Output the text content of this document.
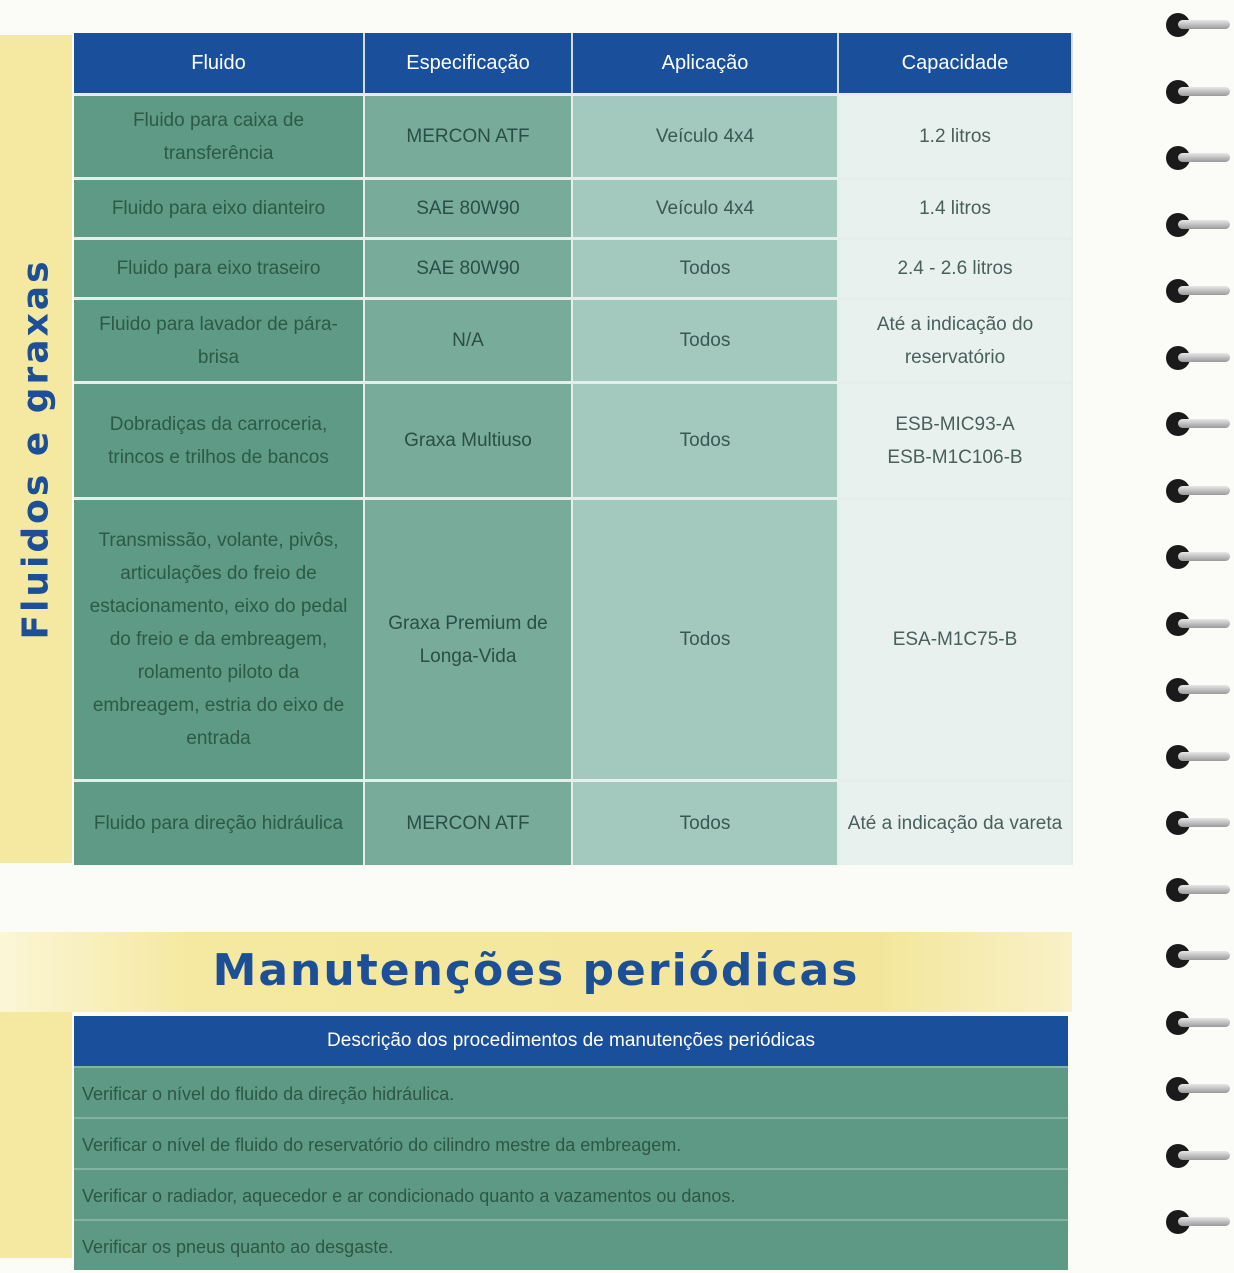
Fluidos e graxas
Fluido	Especificação	Aplicação	Capacidade
Fluido para caixa de transferência	MERCON ATF	Veículo 4x4	1.2 litros
Fluido para eixo dianteiro	SAE 80W90	Veículo 4x4	1.4 litros
Fluido para eixo traseiro	SAE 80W90	Todos	2.4 - 2.6 litros
Fluido para lavador de pára-brisa	N/A	Todos	Até a indicação do reservatório
Dobradiças da carroceria, trincos e trilhos de bancos	Graxa Multiuso	Todos	ESB-MIC93-A ESB-M1C106-B
Transmissão, volante, pivôs, articulações do freio de estacionamento, eixo do pedal do freio e da embreagem, rolamento piloto da embreagem, estria do eixo de entrada	Graxa Premium de Longa-Vida	Todos	ESA-M1C75-B
Fluido para direção hidráulica	MERCON ATF	Todos	Até a indicação da vareta
Manutenções periódicas
Descrição dos procedimentos de manutenções periódicas
Verificar o nível do fluido da direção hidráulica.
Verificar o nível de fluido do reservatório do cilindro mestre da embreagem.
Verificar o radiador, aquecedor e ar condicionado quanto a vazamentos ou danos.
Verificar os pneus quanto ao desgaste.
